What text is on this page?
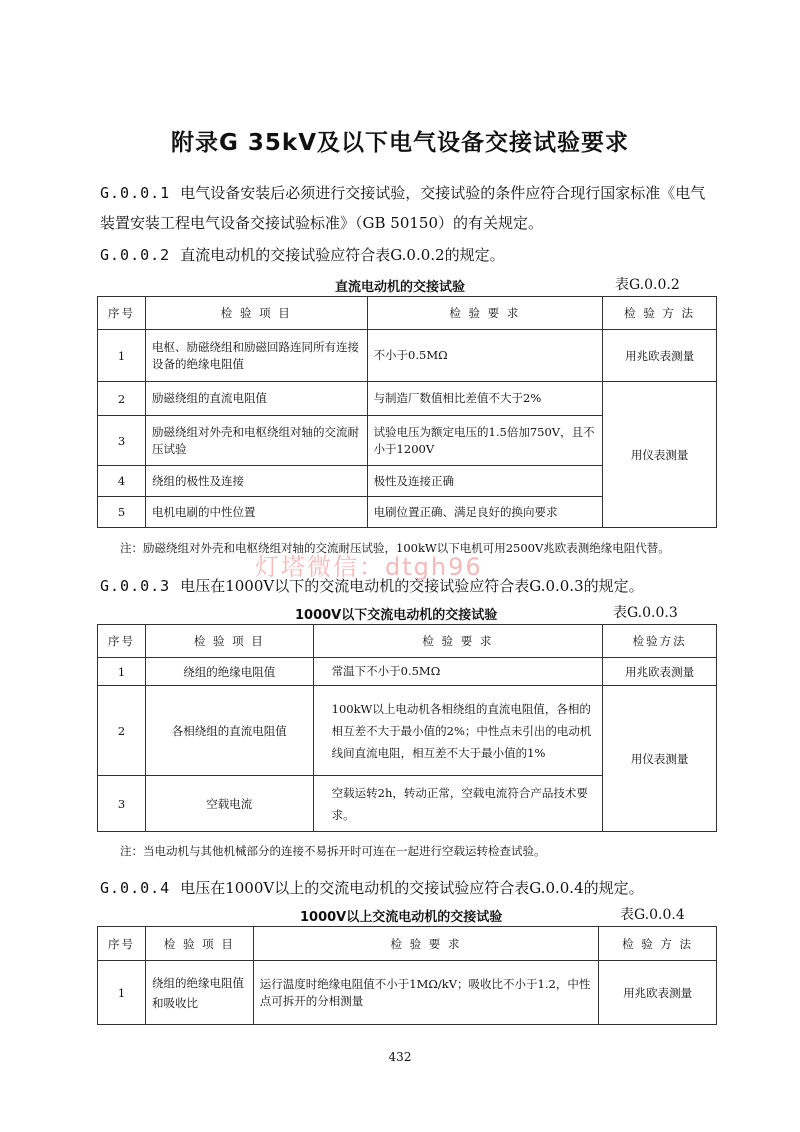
附录G 35kV及以下电气设备交接试验要求
G.0.0.1 电气设备安装后必须进行交接试验，交接试验的条件应符合现行国家标准《电气装置安装工程电气设备交接试验标准》（GB 50150）的有关规定。
G.0.0.2 直流电动机的交接试验应符合表G.0.0.2的规定。
直流电动机的交接试验	表G.0.0.2
序号	检 验 项 目	检 验 要 求	检 验 方 法
1	电枢、励磁绕组和励磁回路连同所有连接设备的绝缘电阻值	不小于0.5MΩ	用兆欧表测量
2	励磁绕组的直流电阻值	与制造厂数值相比差值不大于2%	用仪表测量
3	励磁绕组对外壳和电枢绕组对轴的交流耐压试验	试验电压为额定电压的1.5倍加750V，且不小于1200V	
4	绕组的极性及连接	极性及连接正确	
5	电机电刷的中性位置	电刷位置正确、满足良好的换向要求	
注：励磁绕组对外壳和电枢绕组对轴的交流耐压试验，100kW以下电机可用2500V兆欧表测绝缘电阻代替。
灯塔微信：dtgh96
G.0.0.3 电压在1000V以下的交流电动机的交接试验应符合表G.0.0.3的规定。
1000V以下交流电动机的交接试验	表G.0.0.3
序号	检 验 项 目	检 验 要 求	检验方法
1	绕组的绝缘电阻值	常温下不小于0.5MΩ	用兆欧表测量
2	各相绕组的直流电阻值	100kW以上电动机各相绕组的直流电阻值，各相的相互差不大于最小值的2%；中性点未引出的电动机线间直流电阻，相互差不大于最小值的1%	用仪表测量
3	空载电流	空载运转2h，转动正常，空载电流符合产品技术要求。	
注：当电动机与其他机械部分的连接不易拆开时可连在一起进行空载运转检查试验。
G.0.0.4 电压在1000V以上的交流电动机的交接试验应符合表G.0.0.4的规定。
1000V以上交流电动机的交接试验	表G.0.0.4
序号	检 验 项 目	检 验 要 求	检 验 方 法
1	绕组的绝缘电阻值和吸收比	运行温度时绝缘电阻值不小于1MΩ/kV；吸收比不小于1.2，中性点可拆开的分相测量	用兆欧表测量
432
